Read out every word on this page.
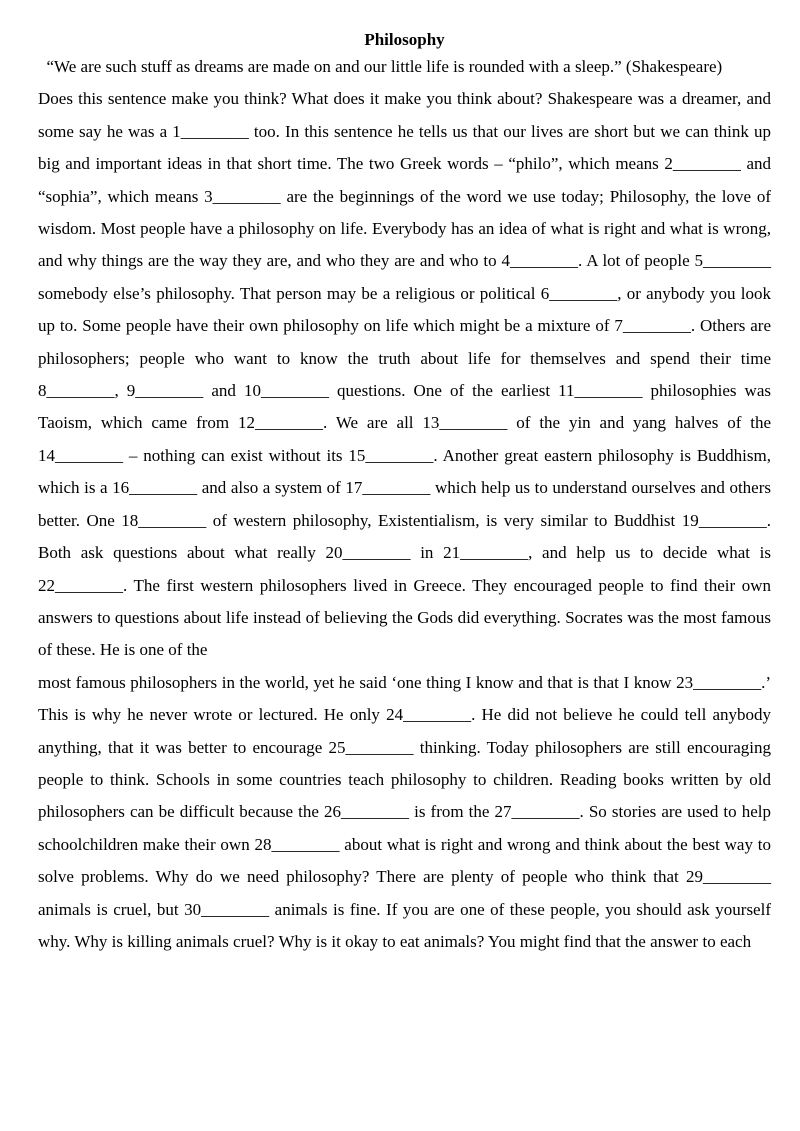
Philosophy

“We are such stuff as dreams are made on and our little life is rounded with a sleep.” (Shakespeare)

Does this sentence make you think? What does it make you think about? Shakespeare was a dreamer, and some say he was a 1________ too. In this sentence he tells us that our lives are short but we can think up big and important ideas in that short time. The two Greek words – “philo”, which means 2________ and “sophia”, which means 3________ are the beginnings of the word we use today; Philosophy, the love of wisdom. Most people have a philosophy on life. Everybody has an idea of what is right and what is wrong, and why things are the way they are, and who they are and who to 4________. A lot of people 5________ somebody else’s philosophy. That person may be a religious or political 6________, or anybody you look up to. Some people have their own philosophy on life which might be a mixture of 7________. Others are philosophers; people who want to know the truth about life for themselves and spend their time 8________, 9________ and 10________ questions. One of the earliest 11________ philosophies was Taoism, which came from 12________. We are all 13________ of the yin and yang halves of the 14________ – nothing can exist without its 15________. Another great eastern philosophy is Buddhism, which is a 16________ and also a system of 17________ which help us to understand ourselves and others better. One 18________ of western philosophy, Existentialism, is very similar to Buddhist 19________. Both ask questions about what really 20________ in 21________, and help us to decide what is 22________. The first western philosophers lived in Greece. They encouraged people to find their own answers to questions about life instead of believing the Gods did everything. Socrates was the most famous of these. He is one of the

most famous philosophers in the world, yet he said ‘one thing I know and that is that I know 23________.’ This is why he never wrote or lectured. He only 24________. He did not believe he could tell anybody anything, that it was better to encourage 25________ thinking. Today philosophers are still encouraging people to think. Schools in some countries teach philosophy to children. Reading books written by old philosophers can be difficult because the 26________ is from the 27________. So stories are used to help schoolchildren make their own 28________ about what is right and wrong and think about the best way to solve problems. Why do we need philosophy? There are plenty of people who think that 29________ animals is cruel, but 30________ animals is fine. If you are one of these people, you should ask yourself why. Why is killing animals cruel? Why is it okay to eat animals? You might find that the answer to each
